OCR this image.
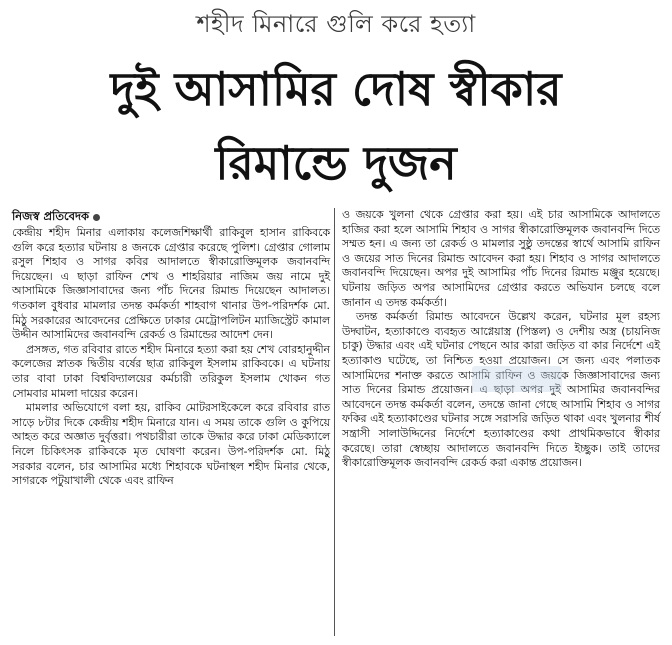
শহীদ মিনারে গুলি করে হত্যা
দুই আসামির দোষ স্বীকার
রিমান্ডে দুজন
নিজস্ব প্রতিবেদক

কেন্দ্রীয় শহীদ মিনার এলাকায় কলেজশিক্ষার্থী রাকিবুল হাসান রাকিবকে গুলি করে হত্যার ঘটনায় ৪ জনকে গ্রেপ্তার করেছে পুলিশ। গ্রেপ্তার গোলাম রসুল শিহাব ও সাগর কবির আদালতে স্বীকারোক্তিমূলক জবানবন্দি দিয়েছেন। এ ছাড়া রাফিন শেখ ও শাহরিয়ার নাজিম জয় নামে দুই আসামিকে জিজ্ঞাসাবাদের জন্য পাঁচ দিনের রিমান্ড দিয়েছেন আদালত। গতকাল বুধবার মামলার তদন্ত কর্মকর্তা শাহবাগ থানার উপ-পরিদর্শক মো. মিঠু সরকারের আবেদনের প্রেক্ষিতে ঢাকার মেট্রোপলিটন ম্যাজিস্ট্রেট কামাল উদ্দীন আসামিদের জবানবন্দি রেকর্ড ও রিমান্ডের আদেশ দেন।

প্রসঙ্গত, গত রবিবার রাতে শহীদ মিনারে হত্যা করা হয় শেখ বোরহানুদ্দীন কলেজের স্নাতক দ্বিতীয় বর্ষের ছাত্র রাকিবুল ইসলাম রাকিবকে। এ ঘটনায় তার বাবা ঢাকা বিশ্ববিদ্যালয়ের কর্মচারী তরিকুল ইসলাম খোকন গত সোমবার মামলা দায়ের করেন।

মামলার অভিযোগে বলা হয়, রাকিব মোটরসাইকেলে করে রবিবার রাত সাড়ে ৮টার দিকে কেন্দ্রীয় শহীদ মিনারে যান। এ সময় তাকে গুলি ও কুপিয়ে আহত করে অজ্ঞাত দুর্বৃত্তরা। পথচারীরা তাকে উদ্ধার করে ঢাকা মেডিক্যালে নিলে চিকিৎসক রাকিবকে মৃত ঘোষণা করেন। উপ-পরিদর্শক মো. মিঠু সরকার বলেন, চার আসামির মধ্যে শিহাবকে ঘটনাস্থল শহীদ মিনার থেকে, সাগরকে পটুয়াখালী থেকে এবং রাফিন

ও জয়কে খুলনা থেকে গ্রেপ্তার করা হয়। এই চার আসামিকে আদালতে হাজির করা হলে আসামি শিহাব ও সাগর স্বীকারোক্তিমূলক জবানবন্দি দিতে সম্মত হন। এ জন্য তা রেকর্ড ও মামলার সুষ্ঠু তদন্তের স্বার্থে আসামি রাফিন ও জয়ের সাত দিনের রিমান্ড আবেদন করা হয়। শিহাব ও সাগর আদালতে জবানবন্দি দিয়েছেন। অপর দুই আসামির পাঁচ দিনের রিমান্ড মঞ্জুর হয়েছে। ঘটনায় জড়িত অপর আসামিদের গ্রেপ্তার করতে অভিযান চলছে বলে জানান এ তদন্ত কর্মকর্তা।

তদন্ত কর্মকর্তা রিমান্ড আবেদনে উল্লেখ করেন, ঘটনার মূল রহস্য উদ্ঘাটন, হত্যাকাণ্ডে ব্যবহৃত আগ্নেয়াস্ত্র (পিস্তল) ও দেশীয় অস্ত্র (চায়নিজ চাকু) উদ্ধার এবং এই ঘটনার পেছনে আর কারা জড়িত বা কার নির্দেশে এই হত্যাকাণ্ড ঘটেছে, তা নিশ্চিত হওয়া প্রয়োজন। সে জন্য এবং পলাতক আসামিদের শনাক্ত করতে আসামি রাফিন ও জয়কে জিজ্ঞাসাবাদের জন্য সাত দিনের রিমান্ড প্রয়োজন। এ ছাড়া অপর দুই আসামির জবানবন্দির আবেদনে তদন্ত কর্মকর্তা বলেন, তদন্তে জানা গেছে আসামি শিহাব ও সাগর ফকির এই হত্যাকাণ্ডের ঘটনার সঙ্গে সরাসরি জড়িত থাকা এবং খুলনার শীর্ষ সন্ত্রাসী সালাউদ্দিনের নির্দেশে হত্যাকাণ্ডের কথা প্রাথমিকভাবে স্বীকার করেছে। তারা স্বেচ্ছায় আদালতে জবানবন্দি দিতে ইচ্ছুক। তাই তাদের স্বীকারোক্তিমূলক জবানবন্দি রেকর্ড করা একান্ত প্রয়োজন।
